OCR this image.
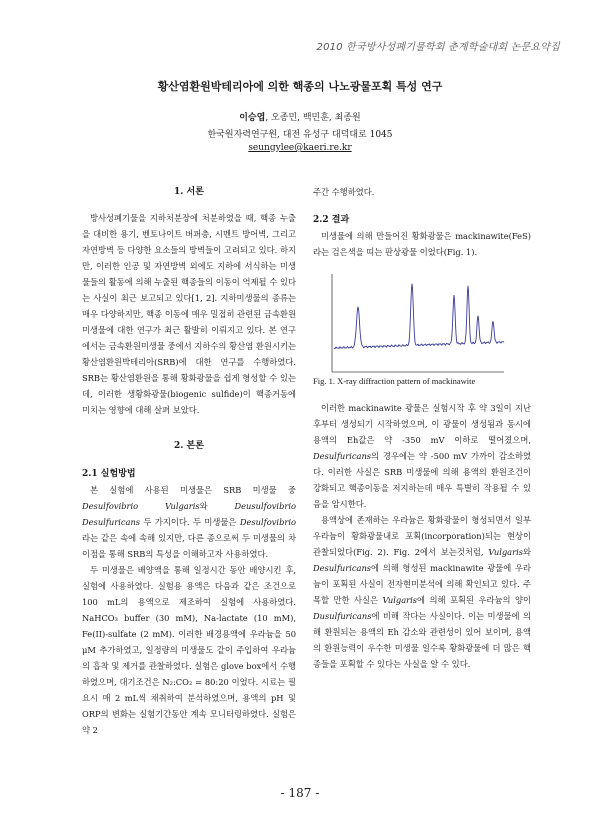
2010 한국방사성폐기물학회 춘계학술대회 논문요약집
황산염환원박테리아에 의한 핵종의 나노광물포획 특성 연구
이승엽, 오종민, 백민훈, 최종원
한국원자력연구원, 대전 유성구 대덕대로 1045
seungylee@kaeri.re.kr

1. 서론

방사성폐기물을 지하처분장에 처분하였을 때, 핵종 누출을 대비한 용기, 벤토나이트 버퍼층, 시멘트 방어벽, 그리고 자연방벽 등 다양한 요소들의 방벽들이 고려되고 있다. 하지만, 이러한 인공 및 자연방벽 외에도 지하에 서식하는 미생물들의 활동에 의해 누출된 핵종들의 이동이 억제될 수 있다는 사실이 최근 보고되고 있다[1, 2]. 지하미생물의 종류는 매우 다양하지만, 핵종 이동에 매우 밀접히 관련된 금속환원미생물에 대한 연구가 최근 활발히 이뤄지고 있다. 본 연구에서는 금속환원미생물 중에서 지하수의 황산염 환원시키는 황산염환원박테리아(SRB)에 대한 연구를 수행하였다. SRB는 황산염환원을 통해 황화광물을 쉽게 형성할 수 있는데, 이러한 생황화광물(biogenic sulfide)이 핵종거동에 미치는 영향에 대해 살펴 보았다.

2. 본론

2.1 실험방법

본 실험에 사용된 미생물은 SRB 미생물 중 Desulfovibrio Vulgaris와 Deusulfovibrio Desulfuricans 두 가지이다. 두 미생물은 Desulfovibrio라는 같은 속에 속해 있지만, 다른 종으로써 두 미생물의 차이점을 통해 SRB의 특성을 이해하고자 사용하였다.

두 미생물은 배양액을 통해 일정시간 동안 배양시킨 후, 실험에 사용하였다. 실험용 용액은 다음과 같은 조건으로 100 mL의 용액으로 제조하여 실험에 사용하였다. NaHCO₃ buffer (30 mM), Na-lactate (10 mM), Fe(II)-sulfate (2 mM). 이러한 배경용액에 우라늄을 50 μM 추가하였고, 일정량의 미생물도 같이 주입하여 우라늄의 흡착 및 제거를 관찰하였다. 실험은 glove box에서 수행하였으며, 대기조건은 N₂:CO₂ = 80:20 이었다. 시료는 필요시 매 2 mL씩 채취하여 분석하였으며, 용액의 pH 및 ORP의 변화는 실험기간동안 계속 모니터링하였다. 실험은 약 2

주간 수행하였다.

2.2 결과

미생물에 의해 만들어진 황화광물은 mackinawite(FeS)라는 검은색을 띠는 판상광물 이었다(Fig. 1).

Fig. 1. X-ray diffraction pattern of mackinawite

이러한 mackinawite 광물은 실험시작 후 약 3일이 지난 후부터 생성되기 시작하였으며, 이 광물이 생성됨과 동시에 용액의 Eh값은 약 -350 mV 이하로 떨어졌으며, Desulfuricans의 경우에는 약 -500 mV 가까이 감소하였다. 이러한 사실은 SRB 미생물에 의해 용액의 환원조건이 강화되고 핵종이동을 저지하는데 매우 특별히 작용될 수 있음을 암시한다.

용액상에 존재하는 우라늄은 황화광물이 형성되면서 일부 우라늄이 황화광물내로 포획(incorporation)되는 현상이 관찰되었다(Fig. 2). Fig. 2에서 보는것처럼, Vulgaris와 Desulfuricans에 의해 형성된 mackinawite 광물에 우라늄이 포획된 사실이 전자현미분석에 의해 확인되고 있다. 주목할 만한 사실은 Vulgaris에 의해 포획된 우라늄의 양이 Dusulfuricans에 비해 작다는 사실이다. 이는 미생물에 의해 환원되는 용액의 Eh 감소와 관련성이 있어 보이며, 용액의 환원능력이 우수한 미생물 일수록 황화광물에 더 많은 핵종들을 포획할 수 있다는 사실을 알 수 있다.

- 187 -
